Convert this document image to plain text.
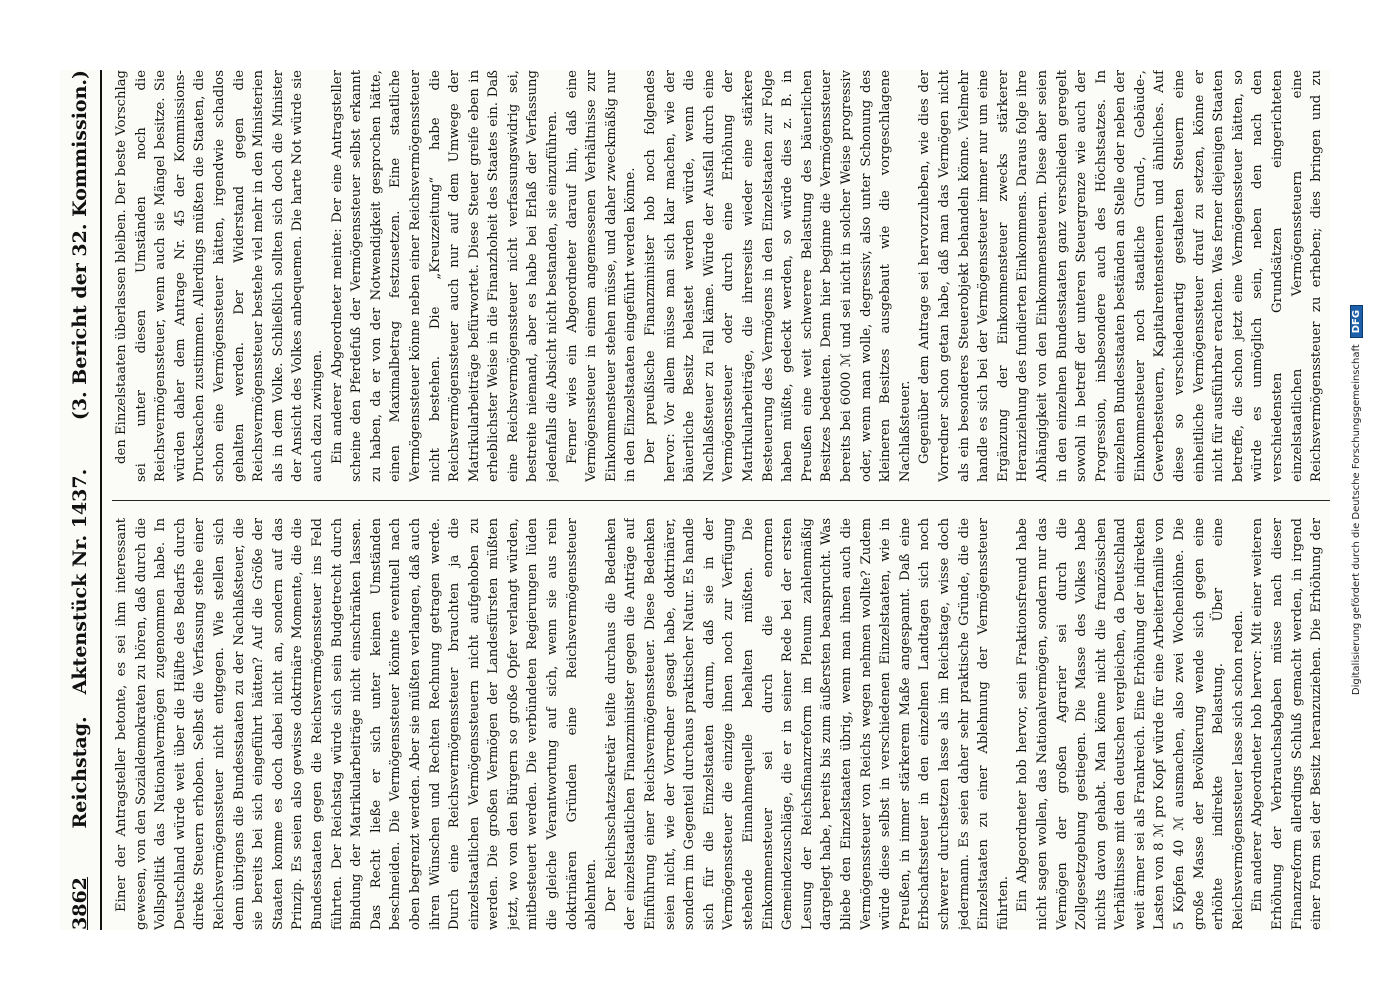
3862
Reichstag.
Aktenstück Nr. 1437.
(3. Bericht der 32. Kommission.)

Einer der Antragsteller betonte, es sei ihm interessant gewesen, von den Sozialdemokraten zu hören, daß durch die Vollspolitik das Nationalvermögen zugenommen habe. In Deutschland würde weit über die Hälfte des Bedarfs durch direkte Steuern erhoben. Selbst die Verfassung stehe einer Reichsvermögenssteuer nicht entgegen. Wie stellen sich denn übrigens die Bundesstaaten zu der Nachlaßsteuer, die sie bereits bei sich eingeführt hätten? Auf die Größe der Staaten komme es doch dabei nicht an, sondern auf das Prinzip. Es seien also gewisse doktrinäre Momente, die die Bundesstaaten gegen die Reichsvermögenssteuer ins Feld führten. Der Reichstag würde sich sein Budgetrecht durch Bindung der Matrikularbeiträge nicht einschränken lassen. Das Recht ließe er sich unter keinen Umständen beschneiden. Die Vermögenssteuer könnte eventuell nach oben begrenzt werden. Aber sie müßten verlangen, daß auch ihren Wünschen und Rechten Rechnung getragen werde. Durch eine Reichsvermögenssteuer brauchten ja die einzelstaatlichen Vermögenssteuern nicht aufgehoben zu werden. Die großen Vermögen der Landesfürsten müßten jetzt, wo von den Bürgern so große Opfer verlangt würden, mitbesteuert werden. Die verbündeten Regierungen lüden die gleiche Verantwortung auf sich, wenn sie aus rein doktrinären Gründen eine Reichsvermögenssteuer ablehnten. Der Reichsschatzsekretär teilte durchaus die Bedenken der einzelstaatlichen Finanzminister gegen die Anträge auf Einführung einer Reichsvermögenssteuer. Diese Bedenken seien nicht, wie der Vorredner gesagt habe, doktrinärer, sondern im Gegenteil durchaus praktischer Natur. Es handle sich für die Einzelstaaten darum, daß sie in der Vermögenssteuer die einzige ihnen noch zur Verfügung stehende Einnahmequelle behalten müßten. Die Einkommensteuer sei durch die enormen Gemeindezuschläge, die er in seiner Rede bei der ersten Lesung der Reichsfinanzreform im Plenum zahlenmäßig dargelegt habe, bereits bis zum äußersten beansprucht. Was bliebe den Einzelstaaten übrig, wenn man ihnen auch die Vermögenssteuer von Reichs wegen nehmen wollte? Zudem würde diese selbst in verschiedenen Einzelstaaten, wie in Preußen, in immer stärkerem Maße angespannt. Daß eine Erbschaftssteuer in den einzelnen Landtagen sich noch schwerer durchsetzen lasse als im Reichstage, wisse doch jedermann. Es seien daher sehr praktische Gründe, die die Einzelstaaten zu einer Ablehnung der Vermögenssteuer führten. Ein Abgeordneter hob hervor, sein Fraktionsfreund habe nicht sagen wollen, das Nationalvermögen, sondern nur das Vermögen der großen Agrarier sei durch die Zollgesetzgebung gestiegen. Die Masse des Volkes habe nichts davon gehabt. Man könne nicht die französischen Verhältnisse mit den deutschen vergleichen, da Deutschland weit ärmer sei als Frankreich. Eine Erhöhung der indirekten Lasten von 8 ℳ pro Kopf würde für eine Arbeiterfamilie von 5 Köpfen 40 ℳ ausmachen, also zwei Wochenlöhne. Die große Masse der Bevölkerung wende sich gegen eine erhöhte indirekte Belastung. Über eine Reichsvermögenssteuer lasse sich schon reden. Ein anderer Abgeordneter hob hervor: Mit einer weiteren Erhöhung der Verbrauchsabgaben müsse nach dieser Finanzreform allerdings Schluß gemacht werden, in irgend einer Form sei der Besitz heranzuziehen. Die Erhöhung der

den Einzelstaaten überlassen bleiben. Der beste Vorschlag sei unter diesen Umständen noch die Reichsvermögenssteuer, wenn auch sie Mängel besitze. Sie würden daher dem Antrage Nr. 45 der Kommissions-Drucksachen zustimmen. Allerdings müßten die Staaten, die schon eine Vermögenssteuer hätten, irgendwie schadlos gehalten werden. Der Widerstand gegen die Reichsvermögenssteuer bestehe viel mehr in den Ministerien als in dem Volke. Schließlich sollten sich doch die Minister der Ansicht des Volkes anbequemen. Die harte Not würde sie auch dazu zwingen. Ein anderer Abgeordneter meinte: Der eine Antragsteller scheine den Pferdefuß der Vermögenssteuer selbst erkannt zu haben, da er von der Notwendigkeit gesprochen hätte, einen Maximalbetrag festzusetzen. Eine staatliche Vermögenssteuer könne neben einer Reichsvermögenssteuer nicht bestehen. Die „Kreuzzeitung“ habe die Reichsvermögenssteuer auch nur auf dem Umwege der Matrikularbeiträge befürwortet. Diese Steuer greife eben in erheblichster Weise in die Finanzhoheit des Staates ein. Daß eine Reichsvermögenssteuer nicht verfassungswidrig sei, bestreite niemand, aber es habe bei Erlaß der Verfassung jedenfalls die Absicht nicht bestanden, sie einzuführen. Ferner wies ein Abgeordneter darauf hin, daß eine Vermögenssteuer in einem angemessenen Verhältnisse zur Einkommensteuer stehen müsse, und daher zweckmäßig nur in den Einzelstaaten eingeführt werden könne. Der preußische Finanzminister hob noch folgendes hervor: Vor allem müsse man sich klar machen, wie der bäuerliche Besitz belastet werden würde, wenn die Nachlaßsteuer zu Fall käme. Würde der Ausfall durch eine Vermögenssteuer oder durch eine Erhöhung der Matrikularbeiträge, die ihrerseits wieder eine stärkere Besteuerung des Vermögens in den Einzelstaaten zur Folge haben müßte, gedeckt werden, so würde dies z. B. in Preußen eine weit schwerere Belastung des bäuerlichen Besitzes bedeuten. Denn hier beginne die Vermögenssteuer bereits bei 6000 ℳ und sei nicht in solcher Weise progressiv oder, wenn man wolle, degressiv, also unter Schonung des kleineren Besitzes ausgebaut wie die vorgeschlagene Nachlaßsteuer. Gegenüber dem Antrage sei hervorzuheben, wie dies der Vorredner schon getan habe, daß man das Vermögen nicht als ein besonderes Steuerobjekt behandeln könne. Vielmehr handle es sich bei der Vermögenssteuer immer nur um eine Ergänzung der Einkommensteuer zwecks stärkerer Heranziehung des fundierten Einkommens. Daraus folge ihre Abhängigkeit von den Einkommensteuern. Diese aber seien in den einzelnen Bundesstaaten ganz verschieden geregelt sowohl in betreff der unteren Steuergrenze wie auch der Progression, insbesondere auch des Höchstsatzes. In einzelnen Bundesstaaten beständen an Stelle oder neben der Einkommensteuer noch staatliche Grund-, Gebäude-, Gewerbesteuern, Kapitalrentensteuern und ähnliches. Auf diese so verschiedenartig gestalteten Steuern eine einheitliche Vermögenssteuer drauf zu setzen, könne er nicht für ausführbar erachten. Was ferner diejenigen Staaten betreffe, die schon jetzt eine Vermögenssteuer hätten, so würde es unmöglich sein, neben den nach den verschiedensten Grundsätzen eingerichteten einzelstaatlichen Vermögenssteuern eine Reichsvermögenssteuer zu erheben; dies bringen und zu

Digitalisierung gefördert durch die Deutsche Forschungsgemeinschaft
DFG
